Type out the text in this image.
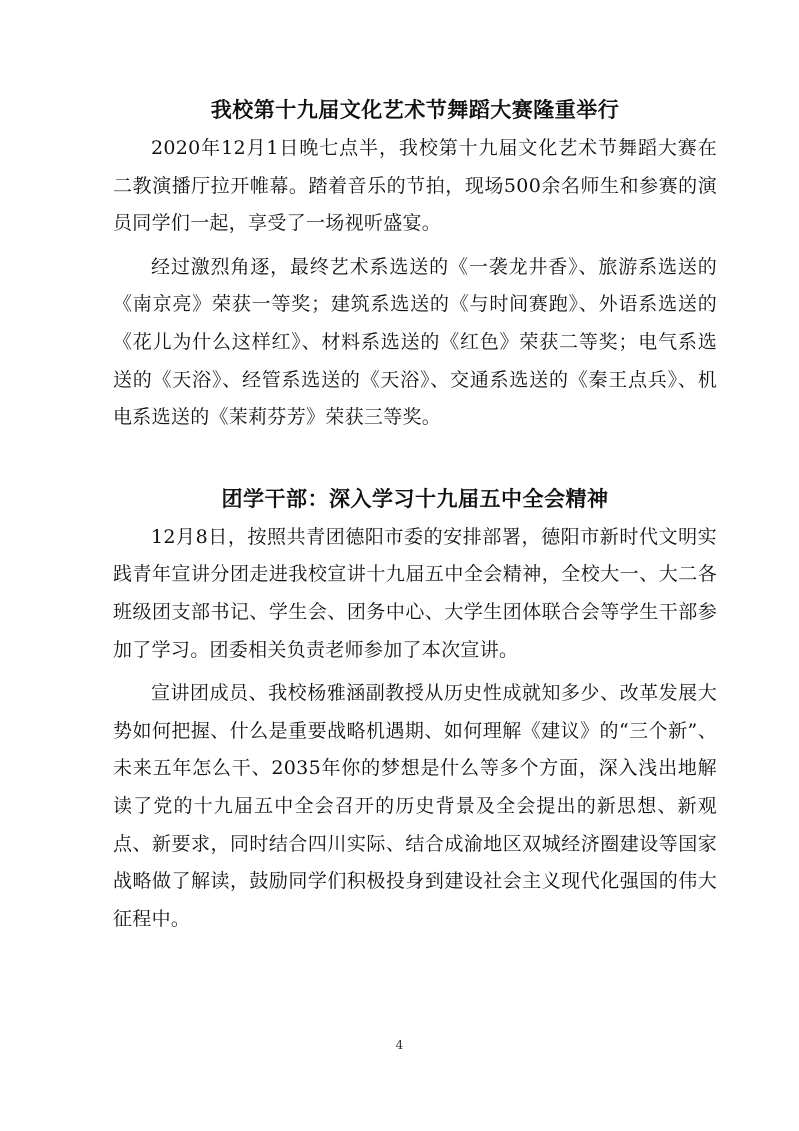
我校第十九届文化艺术节舞蹈大赛隆重举行

2020年12月1日晚七点半，我校第十九届文化艺术节舞蹈大赛在二教演播厅拉开帷幕。踏着音乐的节拍，现场500余名师生和参赛的演员同学们一起，享受了一场视听盛宴。

经过激烈角逐，最终艺术系选送的《一袭龙井香》、旅游系选送的《南京亮》荣获一等奖；建筑系选送的《与时间赛跑》、外语系选送的《花儿为什么这样红》、材料系选送的《红色》荣获二等奖；电气系选送的《天浴》、经管系选送的《天浴》、交通系选送的《秦王点兵》、机电系选送的《茉莉芬芳》荣获三等奖。

团学干部：深入学习十九届五中全会精神

12月8日，按照共青团德阳市委的安排部署，德阳市新时代文明实践青年宣讲分团走进我校宣讲十九届五中全会精神，全校大一、大二各班级团支部书记、学生会、团务中心、大学生团体联合会等学生干部参加了学习。团委相关负责老师参加了本次宣讲。

宣讲团成员、我校杨雅涵副教授从历史性成就知多少、改革发展大势如何把握、什么是重要战略机遇期、如何理解《建议》的“三个新”、未来五年怎么干、2035年你的梦想是什么等多个方面，深入浅出地解读了党的十九届五中全会召开的历史背景及全会提出的新思想、新观点、新要求，同时结合四川实际、结合成渝地区双城经济圈建设等国家战略做了解读，鼓励同学们积极投身到建设社会主义现代化强国的伟大征程中。

4
